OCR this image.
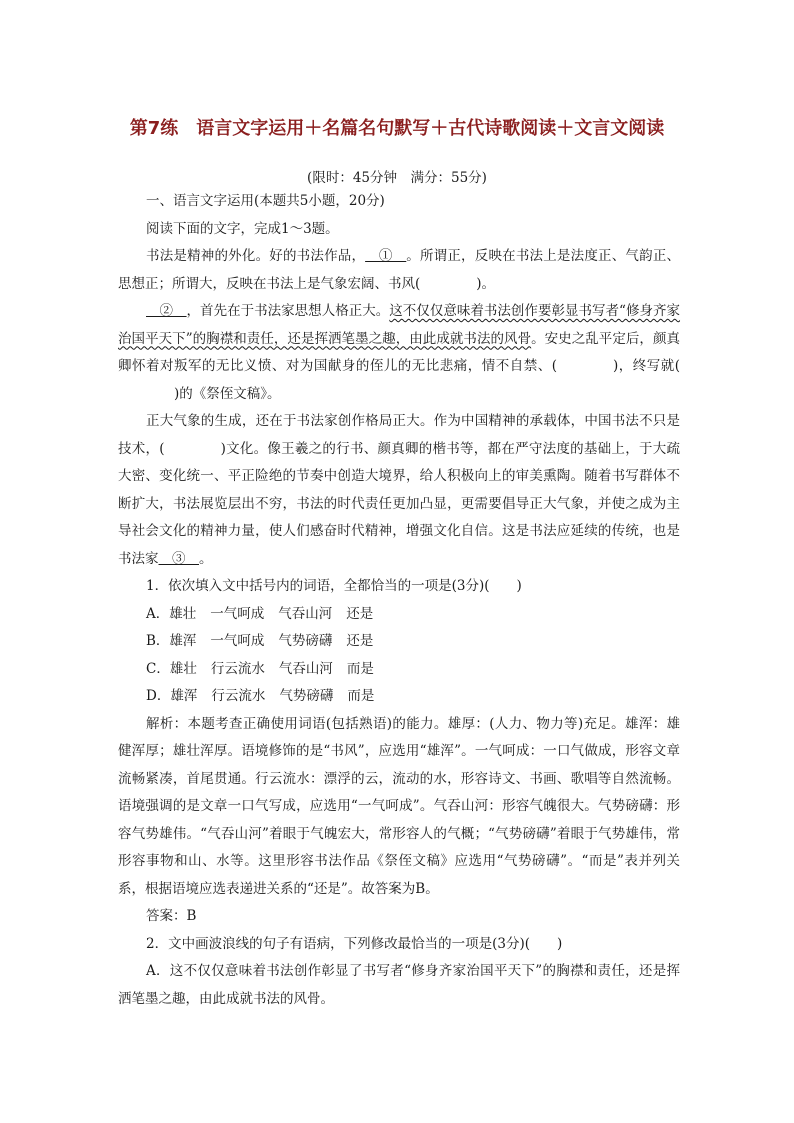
第7练　语言文字运用＋名篇名句默写＋古代诗歌阅读＋文言文阅读
(限时：45分钟　满分：55分)

一、语言文字运用(本题共5小题，20分)

阅读下面的文字，完成1～3题。

书法是精神的外化。好的书法作品，＿①＿。所谓正，反映在书法上是法度正、气韵正、思想正；所谓大，反映在书法上是气象宏阔、书风(	)。

＿②＿，首先在于书法家思想人格正大。这不仅仅意味着书法创作要彰显书写者“修身齐家治国平天下”的胸襟和责任，还是挥洒笔墨之趣，由此成就书法的风骨。安史之乱平定后，颜真卿怀着对叛军的无比义愤、对为国献身的侄儿的无比悲痛，情不自禁、(	)，终写就()的《祭侄文稿》。

正大气象的生成，还在于书法家创作格局正大。作为中国精神的承载体，中国书法不只是技术，(	)文化。像王羲之的行书、颜真卿的楷书等，都在严守法度的基础上，于大疏大密、变化统一、平正险绝的节奏中创造大境界，给人积极向上的审美熏陶。随着书写群体不断扩大，书法展览层出不穷，书法的时代责任更加凸显，更需要倡导正大气象，并使之成为主导社会文化的精神力量，使人们感奋时代精神，增强文化自信。这是书法应延续的传统，也是书法家＿③＿。

1．依次填入文中括号内的词语，全都恰当的一项是(3分)(　　)

A．雄壮 一气呵成 气吞山河 还是

B．雄浑 一气呵成 气势磅礴 还是

C．雄壮 行云流水 气吞山河 而是

D．雄浑 行云流水 气势磅礴 而是

解析：本题考查正确使用词语(包括熟语)的能力。雄厚：(人力、物力等)充足。雄浑：雄健浑厚；雄壮浑厚。语境修饰的是“书风”，应选用“雄浑”。一气呵成：一口气做成，形容文章流畅紧凑，首尾贯通。行云流水：漂浮的云，流动的水，形容诗文、书画、歌唱等自然流畅。语境强调的是文章一口气写成，应选用“一气呵成”。气吞山河：形容气魄很大。气势磅礴：形容气势雄伟。“气吞山河”着眼于气魄宏大，常形容人的气概；“气势磅礴”着眼于气势雄伟，常形容事物和山、水等。这里形容书法作品《祭侄文稿》应选用“气势磅礴”。“而是”表并列关系，根据语境应选表递进关系的“还是”。故答案为B。

答案：B

2．文中画波浪线的句子有语病，下列修改最恰当的一项是(3分)(　　)

A．这不仅仅意味着书法创作彰显了书写者“修身齐家治国平天下”的胸襟和责任，还是挥洒笔墨之趣，由此成就书法的风骨。
